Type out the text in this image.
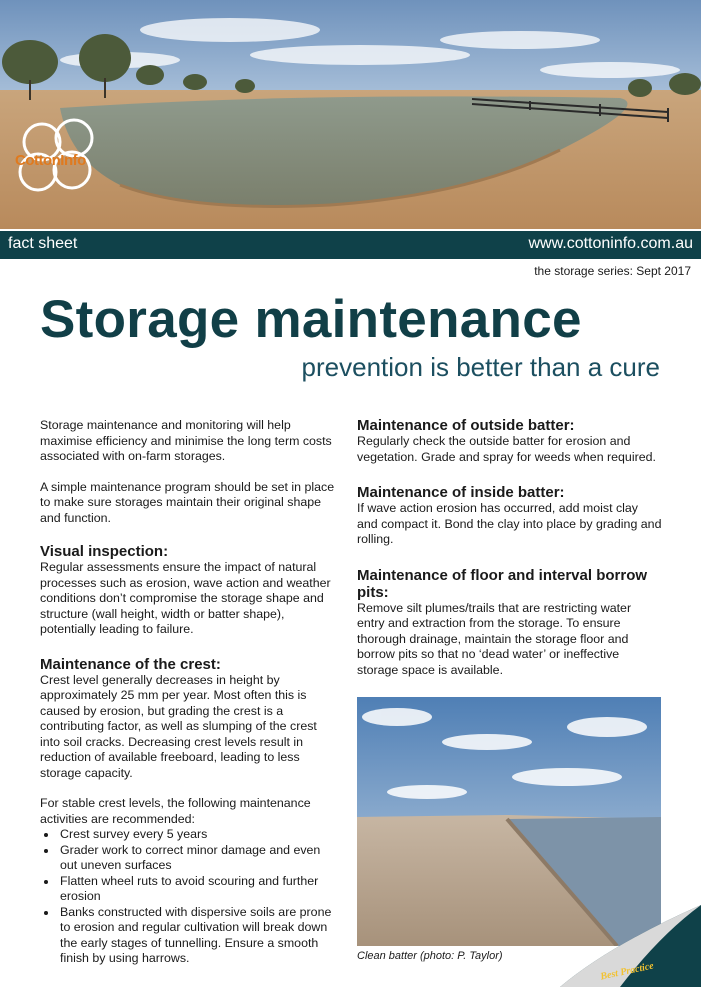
CottonInfo
fact sheet	www.cottoninfo.com.au
the storage series: Sept 2017
Storage maintenance
prevention is better than a cure

Storage maintenance and monitoring will help maximise efficiency and minimise the long term costs associated with on-farm storages.

A simple maintenance program should be set in place to make sure storages maintain their original shape and function.

Visual inspection:

Regular assessments ensure the impact of natural processes such as erosion, wave action and weather conditions don’t compromise the storage shape and structure (wall height, width or batter shape), potentially leading to failure.

Maintenance of the crest:

Crest level generally decreases in height by approximately 25 mm per year. Most often this is caused by erosion, but grading the crest is a contributing factor, as well as slumping of the crest into soil cracks. Decreasing crest levels result in reduction of available freeboard, leading to less storage capacity.

For stable crest levels, the following maintenance activities are recommended:

• Crest survey every 5 years
• Grader work to correct minor damage and even out uneven surfaces
• Flatten wheel ruts to avoid scouring and further erosion
• Banks constructed with dispersive soils are prone to erosion and regular cultivation will break down the early stages of tunnelling. Ensure a smooth finish by using harrows.
Maintenance of outside batter:

Regularly check the outside batter for erosion and vegetation. Grade and spray for weeds when required.

Maintenance of inside batter:

If wave action erosion has occurred, add moist clay and compact it. Bond the clay into place by grading and rolling.

Maintenance of floor and interval borrow pits:

Remove silt plumes/trails that are restricting water entry and extraction from the storage. To ensure thorough drainage, maintain the storage floor and borrow pits so that no ‘dead water’ or ineffective storage space is available.

Clean batter (photo: P. Taylor)
Best Practice
